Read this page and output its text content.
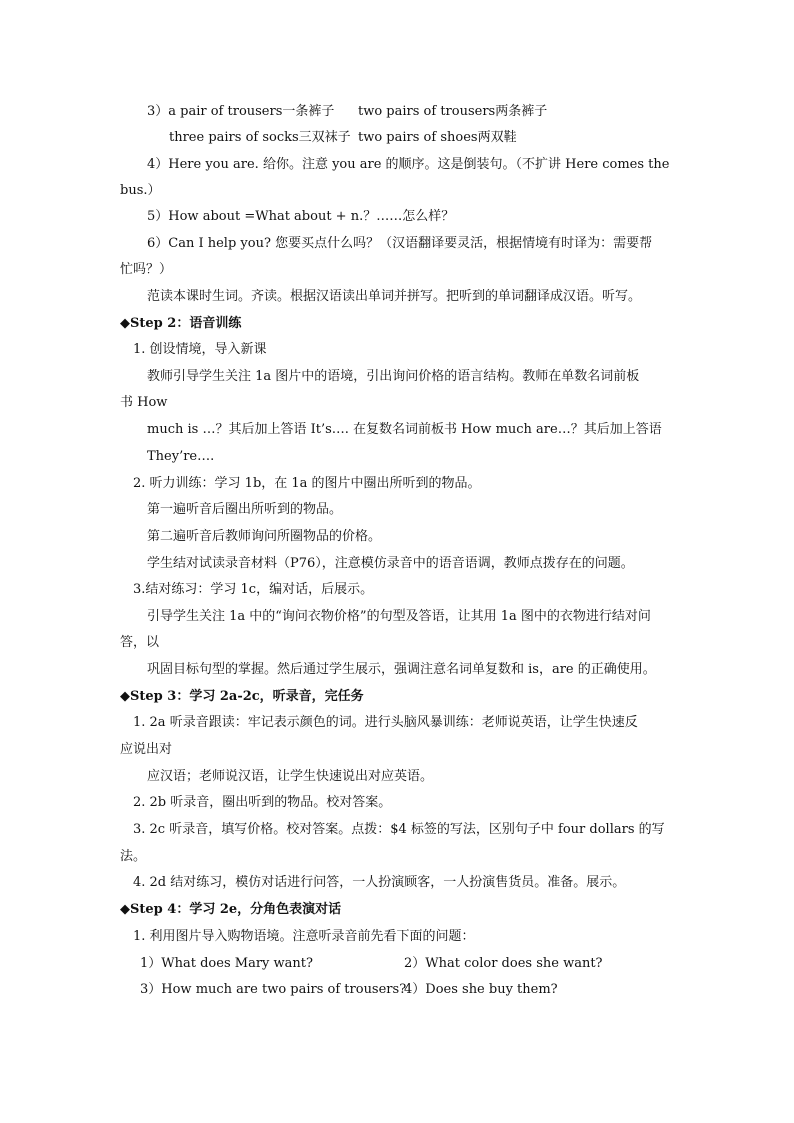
3）a pair of trousers一条裤子 two pairs of trousers两条裤子
three pairs of socks三双袜子 two pairs of shoes两双鞋
4）Here you are. 给你。注意 you are 的顺序。这是倒装句。（不扩讲 Here comes the
bus.）
5）How about =What about + n.？……怎么样？
6）Can I help you? 您要买点什么吗？（汉语翻译要灵活，根据情境有时译为：需要帮
忙吗？）
范读本课时生词。齐读。根据汉语读出单词并拼写。把听到的单词翻译成汉语。听写。
◆Step 2：语音训练
1. 创设情境，导入新课
教师引导学生关注 1a 图片中的语境，引出询问价格的语言结构。教师在单数名词前板
书 How
much is …？其后加上答语 It’s…. 在复数名词前板书 How much are…？其后加上答语
They’re….
2. 听力训练：学习 1b，在 1a 的图片中圈出所听到的物品。
第一遍听音后圈出所听到的物品。
第二遍听音后教师询问所圈物品的价格。
学生结对试读录音材料（P76），注意模仿录音中的语音语调，教师点拨存在的问题。
3.结对练习：学习 1c，编对话，后展示。
引导学生关注 1a 中的“询问衣物价格”的句型及答语，让其用 1a 图中的衣物进行结对问
答，以
巩固目标句型的掌握。然后通过学生展示，强调注意名词单复数和 is，are 的正确使用。
◆Step 3：学习 2a-2c，听录音，完任务
1. 2a 听录音跟读：牢记表示颜色的词。进行头脑风暴训练：老师说英语，让学生快速反
应说出对
应汉语；老师说汉语，让学生快速说出对应英语。
2. 2b 听录音，圈出听到的物品。校对答案。
3. 2c 听录音，填写价格。校对答案。点拨：$4 标签的写法，区别句子中 four dollars 的写
法。
4. 2d 结对练习，模仿对话进行问答，一人扮演顾客，一人扮演售货员。准备。展示。
◆Step 4：学习 2e，分角色表演对话
1. 利用图片导入购物语境。注意听录音前先看下面的问题：
1）What does Mary want?	2）What color does she want?
3）How much are two pairs of trousers?
4）Does she buy them?
